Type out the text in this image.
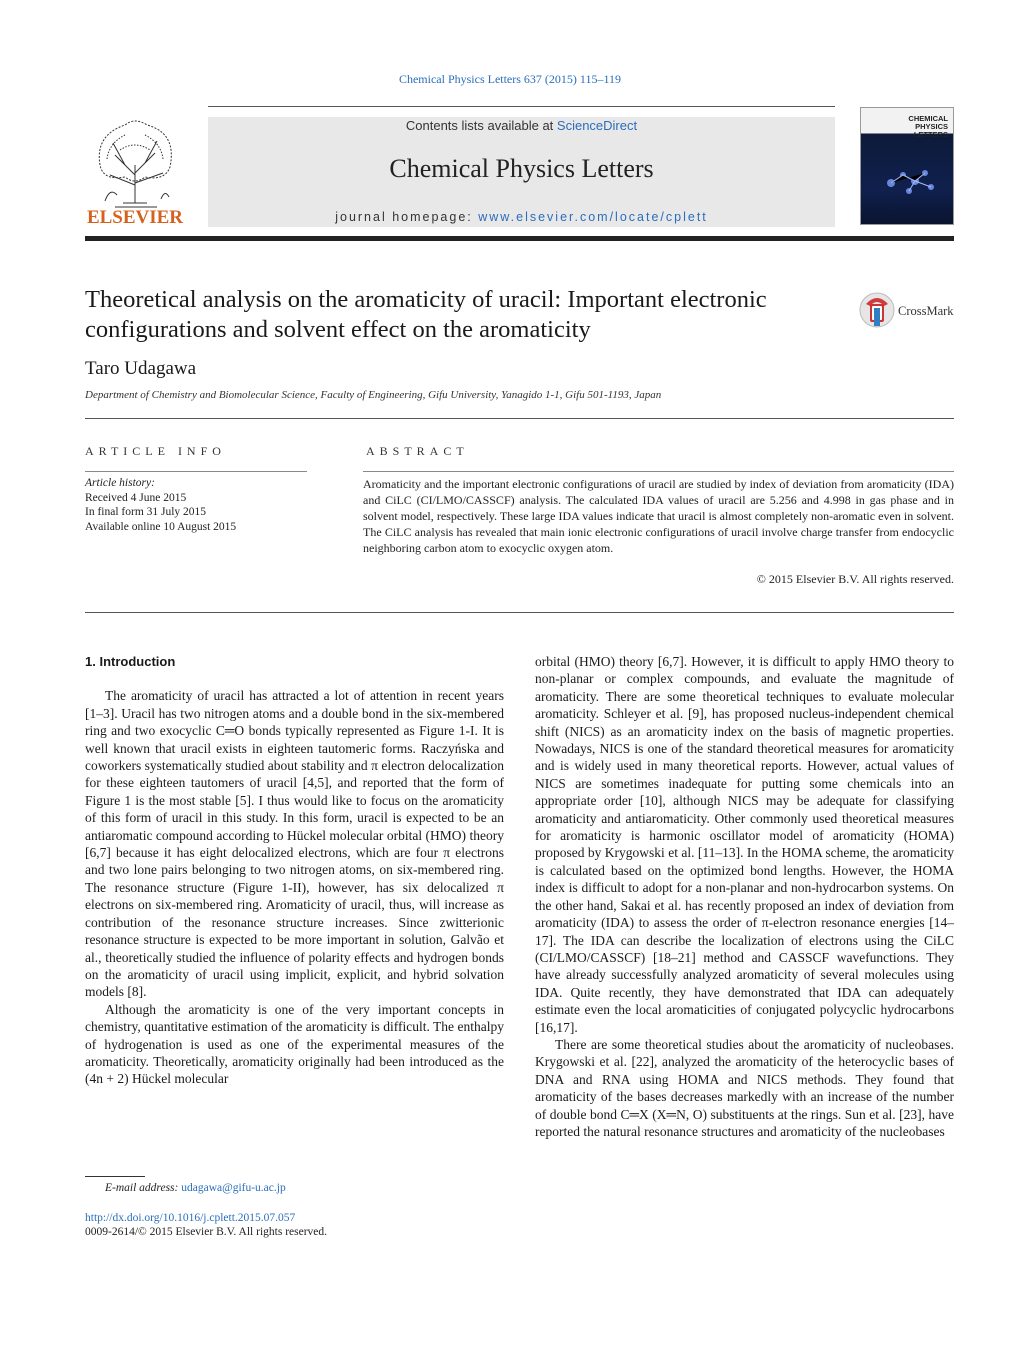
Chemical Physics Letters 637 (2015) 115–119
ELSEVIER
Contents lists available at ScienceDirect
Chemical Physics Letters
journal homepage: www.elsevier.com/locate/cplett
CHEMICAL PHYSICS LETTERS
Theoretical analysis on the aromaticity of uracil: Important electronic configurations and solvent effect on the aromaticity
CrossMark
Taro Udagawa
Department of Chemistry and Biomolecular Science, Faculty of Engineering, Gifu University, Yanagido 1-1, Gifu 501-1193, Japan
ARTICLE INFO
Article history:
Received 4 June 2015
In final form 31 July 2015
Available online 10 August 2015
ABSTRACT
Aromaticity and the important electronic configurations of uracil are studied by index of deviation from aromaticity (IDA) and CiLC (CI/LMO/CASSCF) analysis. The calculated IDA values of uracil are 5.256 and 4.998 in gas phase and in solvent model, respectively. These large IDA values indicate that uracil is almost completely non-aromatic even in solvent. The CiLC analysis has revealed that main ionic electronic configurations of uracil involve charge transfer from endocyclic neighboring carbon atom to exocyclic oxygen atom.
© 2015 Elsevier B.V. All rights reserved.
1. Introduction

The aromaticity of uracil has attracted a lot of attention in recent years [1–3]. Uracil has two nitrogen atoms and a double bond in the six-membered ring and two exocyclic C═O bonds typically represented as Figure 1-I. It is well known that uracil exists in eighteen tautomeric forms. Raczyńska and coworkers systematically studied about stability and π electron delocalization for these eighteen tautomers of uracil [4,5], and reported that the form of Figure 1 is the most stable [5]. I thus would like to focus on the aromaticity of this form of uracil in this study. In this form, uracil is expected to be an antiaromatic compound according to Hückel molecular orbital (HMO) theory [6,7] because it has eight delocalized electrons, which are four π electrons and two lone pairs belonging to two nitrogen atoms, on six-membered ring. The resonance structure (Figure 1-II), however, has six delocalized π electrons on six-membered ring. Aromaticity of uracil, thus, will increase as contribution of the resonance structure increases. Since zwitterionic resonance structure is expected to be more important in solution, Galvão et al., theoretically studied the influence of polarity effects and hydrogen bonds on the aromaticity of uracil using implicit, explicit, and hybrid solvation models [8].

Although the aromaticity is one of the very important concepts in chemistry, quantitative estimation of the aromaticity is difficult. The enthalpy of hydrogenation is used as one of the experimental measures of the aromaticity. Theoretically, aromaticity originally had been introduced as the (4n + 2) Hückel molecular

orbital (HMO) theory [6,7]. However, it is difficult to apply HMO theory to non-planar or complex compounds, and evaluate the magnitude of aromaticity. There are some theoretical techniques to evaluate molecular aromaticity. Schleyer et al. [9], has proposed nucleus-independent chemical shift (NICS) as an aromaticity index on the basis of magnetic properties. Nowadays, NICS is one of the standard theoretical measures for aromaticity and is widely used in many theoretical reports. However, actual values of NICS are sometimes inadequate for putting some chemicals into an appropriate order [10], although NICS may be adequate for classifying aromaticity and antiaromaticity. Other commonly used theoretical measures for aromaticity is harmonic oscillator model of aromaticity (HOMA) proposed by Krygowski et al. [11–13]. In the HOMA scheme, the aromaticity is calculated based on the optimized bond lengths. However, the HOMA index is difficult to adopt for a non-planar and non-hydrocarbon systems. On the other hand, Sakai et al. has recently proposed an index of deviation from aromaticity (IDA) to assess the order of π-electron resonance energies [14–17]. The IDA can describe the localization of electrons using the CiLC (CI/LMO/CASSCF) [18–21] method and CASSCF wavefunctions. They have already successfully analyzed aromaticity of several molecules using IDA. Quite recently, they have demonstrated that IDA can adequately estimate even the local aromaticities of conjugated polycyclic hydrocarbons [16,17].

There are some theoretical studies about the aromaticity of nucleobases. Krygowski et al. [22], analyzed the aromaticity of the heterocyclic bases of DNA and RNA using HOMA and NICS methods. They found that aromaticity of the bases decreases markedly with an increase of the number of double bond C═X (X═N, O) substituents at the rings. Sun et al. [23], have reported the natural resonance structures and aromaticity of the nucleobases

E-mail address: udagawa@gifu-u.ac.jp
http://dx.doi.org/10.1016/j.cplett.2015.07.057
0009-2614/© 2015 Elsevier B.V. All rights reserved.
